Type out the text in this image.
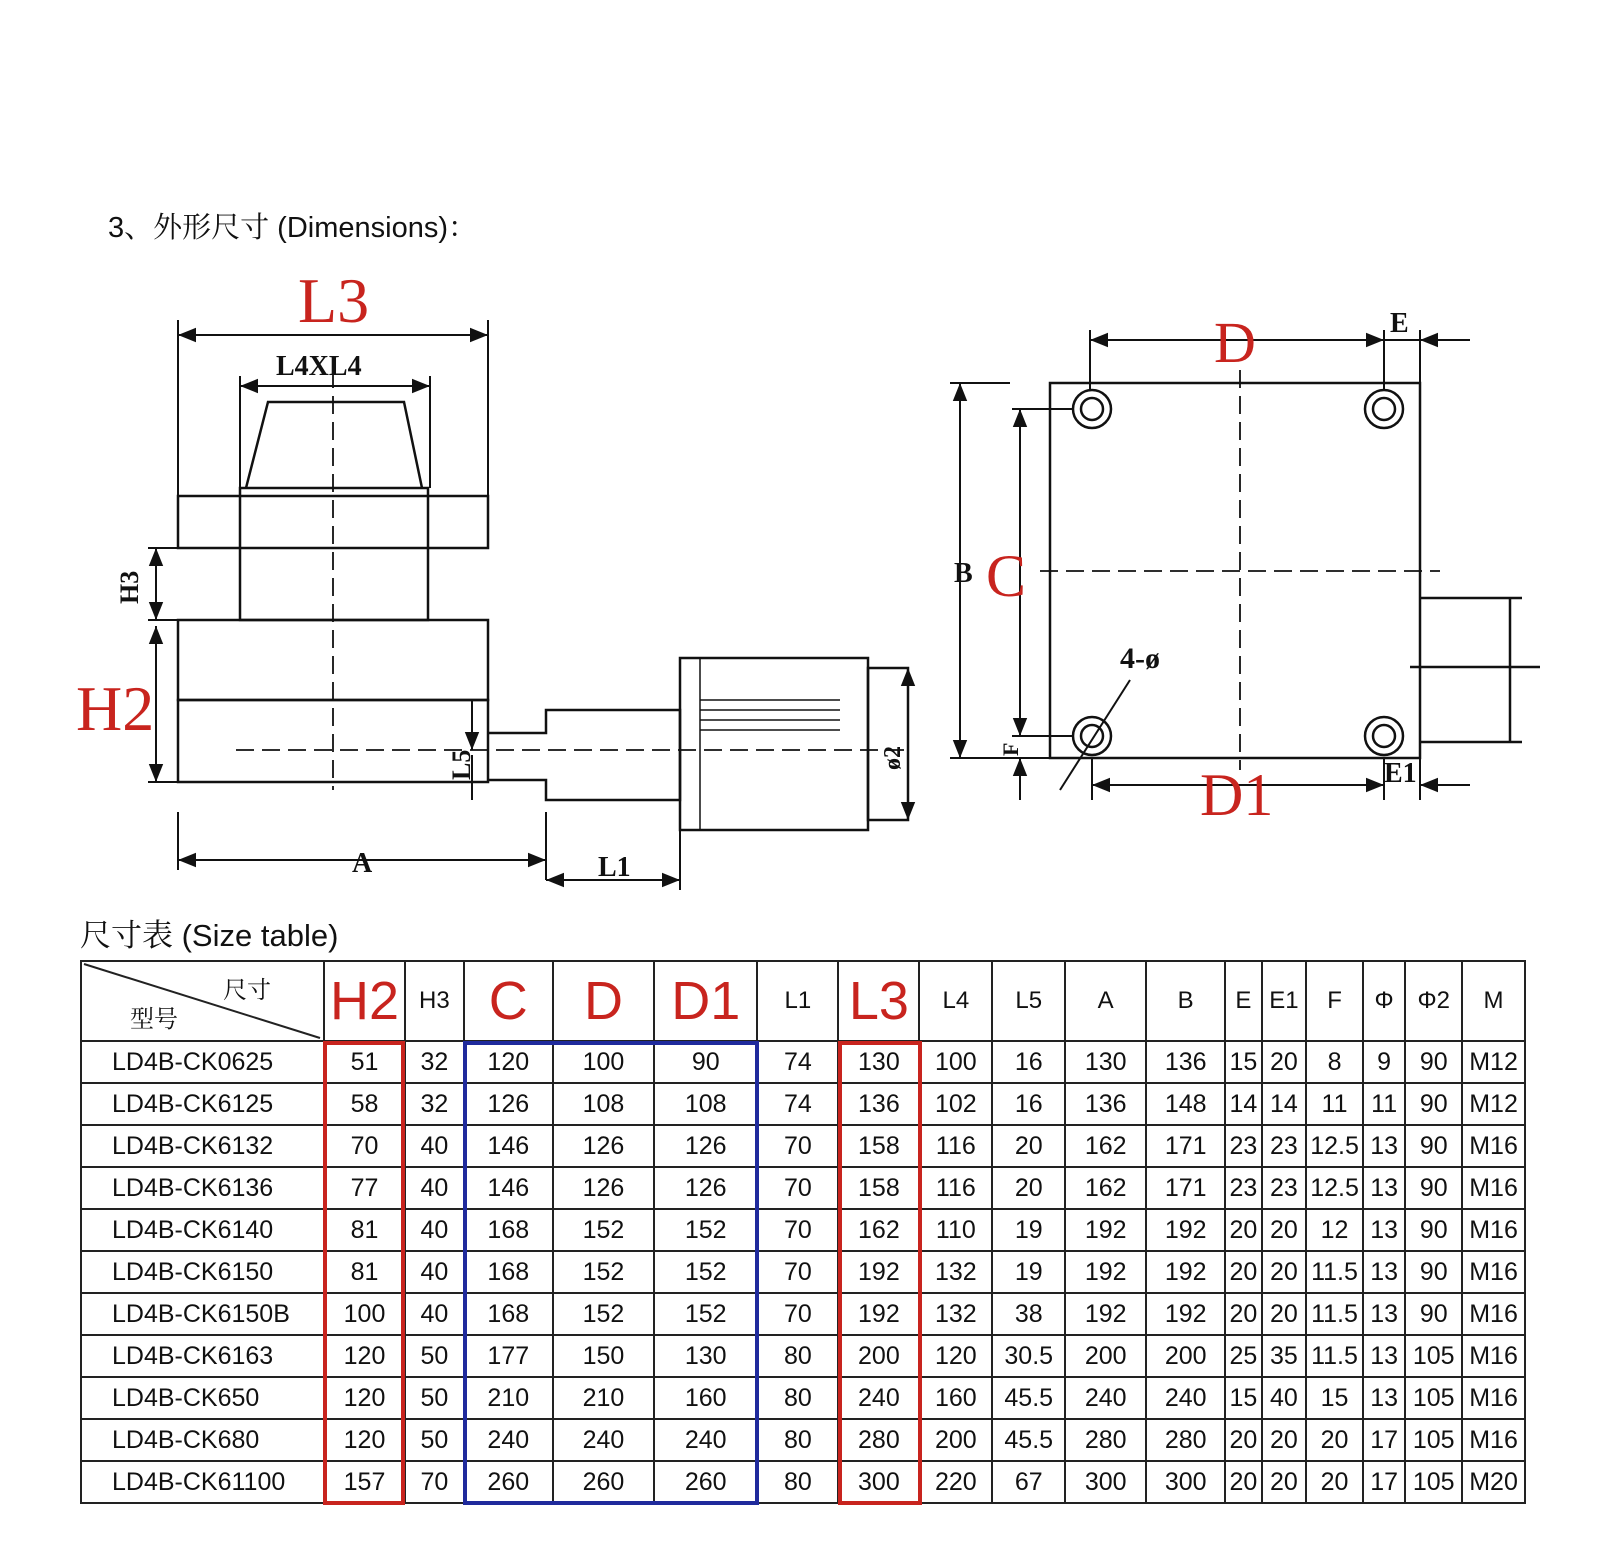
3、外形尺寸 (Dimensions)：
L3
L4XL4
H3
H2
L5
A	L1
ø2
D	E
B C
4-ø
F
D1	E1
尺寸表 (Size table)
尺寸
型号	H2	H3	C	D	D1	L1	L3	L4	L5	A	B	E	E1	F	Φ	Φ2	M
LD4B-CK0625	51	32	120	100	90	74	130	100	16	130	136	15	20	8	9	90	M12
LD4B-CK6125	58	32	126	108	108	74	136	102	16	136	148	14	14	11	11	90	M12
LD4B-CK6132	70	40	146	126	126	70	158	116	20	162	171	23	23	12.5	13	90	M16
LD4B-CK6136	77	40	146	126	126	70	158	116	20	162	171	23	23	12.5	13	90	M16
LD4B-CK6140	81	40	168	152	152	70	162	110	19	192	192	20	20	12	13	90	M16
LD4B-CK6150	81	40	168	152	152	70	192	132	19	192	192	20	20	11.5	13	90	M16
LD4B-CK6150B	100	40	168	152	152	70	192	132	38	192	192	20	20	11.5	13	90	M16
LD4B-CK6163	120	50	177	150	130	80	200	120	30.5	200	200	25	35	11.5	13	105	M16
LD4B-CK650	120	50	210	210	160	80	240	160	45.5	240	240	15	40	15	13	105	M16
LD4B-CK680	120	50	240	240	240	80	280	200	45.5	280	280	20	20	20	17	105	M16
LD4B-CK61100	157	70	260	260	260	80	300	220	67	300	300	20	20	20	17	105	M20
